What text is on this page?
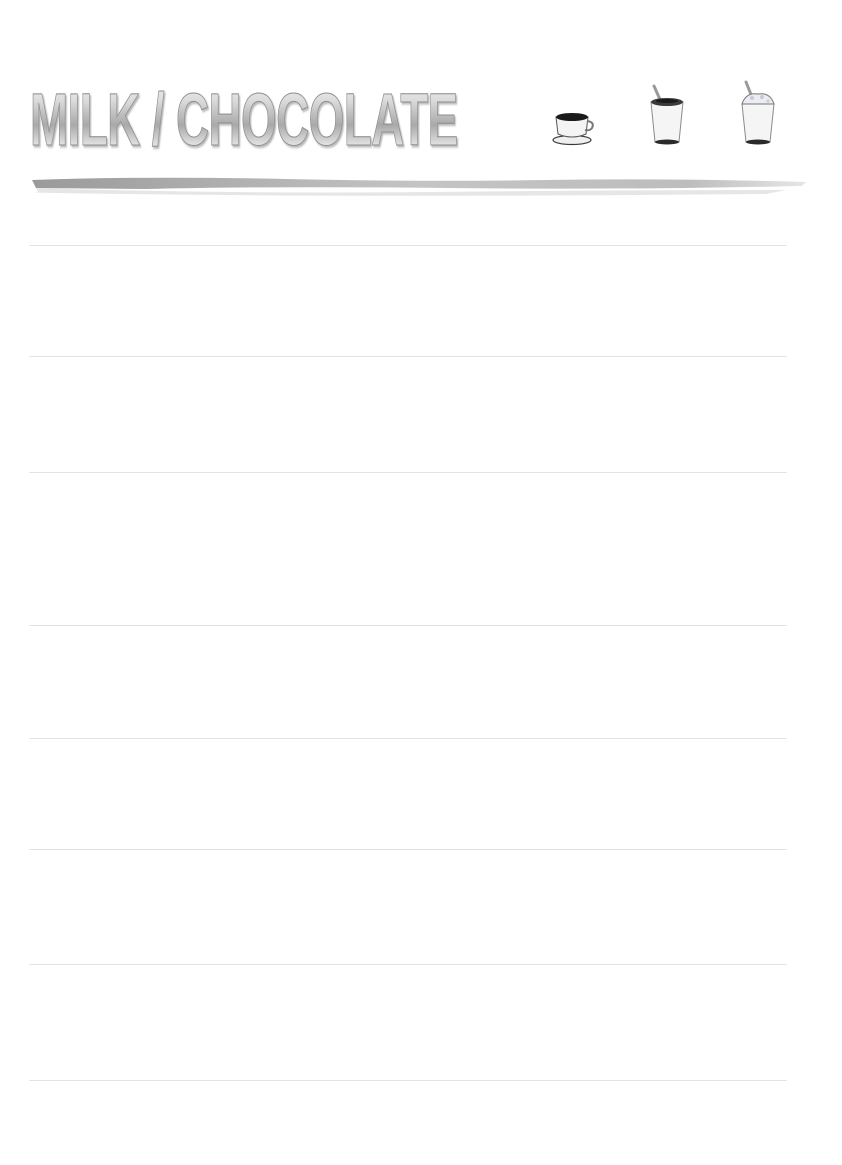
MILK / CHOCOLATE
